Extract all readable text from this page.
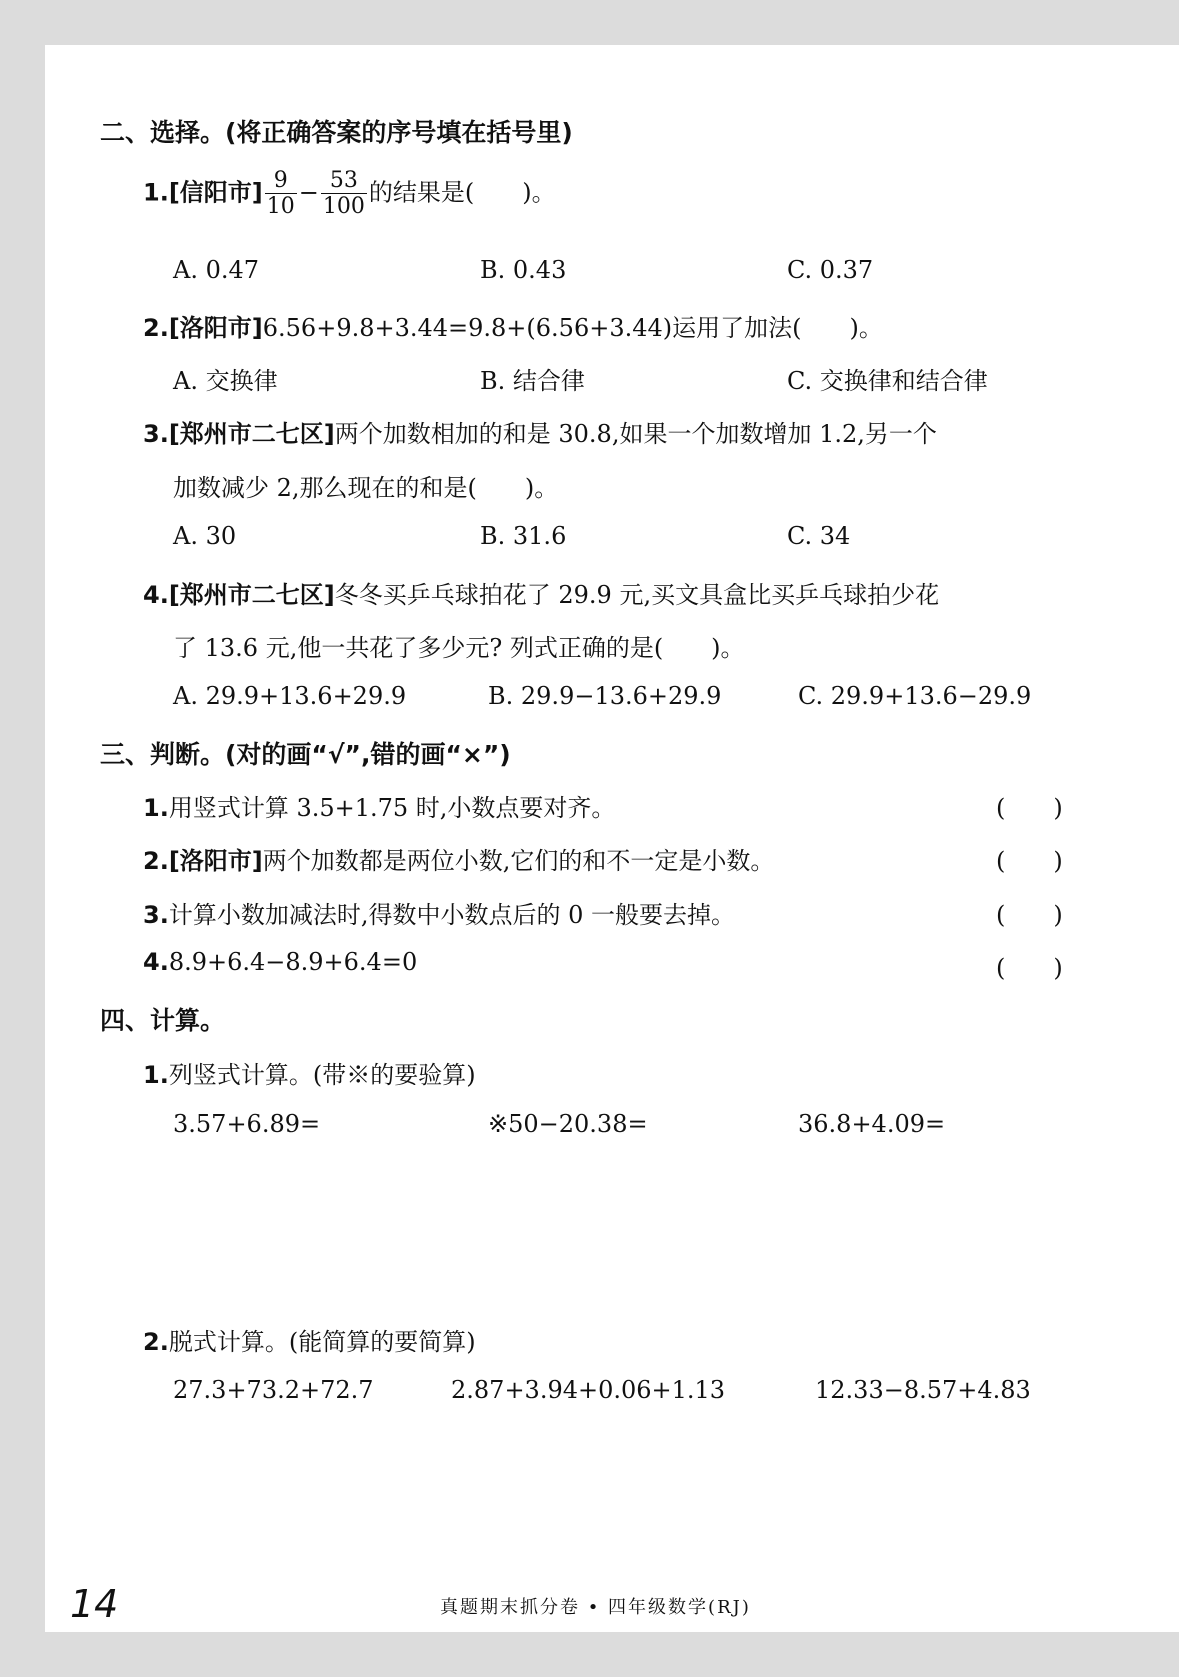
二、选择。(将正确答案的序号填在括号里)
1.[信阳市] $\frac{9}{10} - \frac{53}{100}$ 的结果是(　　)。
A. 0.47	B. 0.43	C. 0.37
2.[洛阳市]6.56+9.8+3.44=9.8+(6.56+3.44)运用了加法(　　)。
A. 交换律	B. 结合律	C. 交换律和结合律
3.[郑州市二七区]两个加数相加的和是 30.8,如果一个加数增加 1.2,另一个
加数减少 2,那么现在的和是(　　)。
A. 30	B. 31.6	C. 34
4.[郑州市二七区]冬冬买乒乓球拍花了 29.9 元,买文具盒比买乒乓球拍少花
了 13.6 元,他一共花了多少元? 列式正确的是(　　)。
A. 29.9+13.6+29.9	B. 29.9−13.6+29.9	C. 29.9+13.6−29.9
三、判断。(对的画“√”,错的画“×”)
1.用竖式计算 3.5+1.75 时,小数点要对齐。	(　　)
2.[洛阳市]两个加数都是两位小数,它们的和不一定是小数。	(　　)
3.计算小数加减法时,得数中小数点后的 0 一般要去掉。	(　　)
4.8.9+6.4−8.9+6.4=0	(　　)
四、计算。
1.列竖式计算。(带※的要验算)
3.57+6.89=	※50−20.38=	36.8+4.09=
2.脱式计算。(能简算的要简算)
27.3+73.2+72.7	2.87+3.94+0.06+1.13	12.33−8.57+4.83
14	真题期末抓分卷 • 四年级数学(RJ)
